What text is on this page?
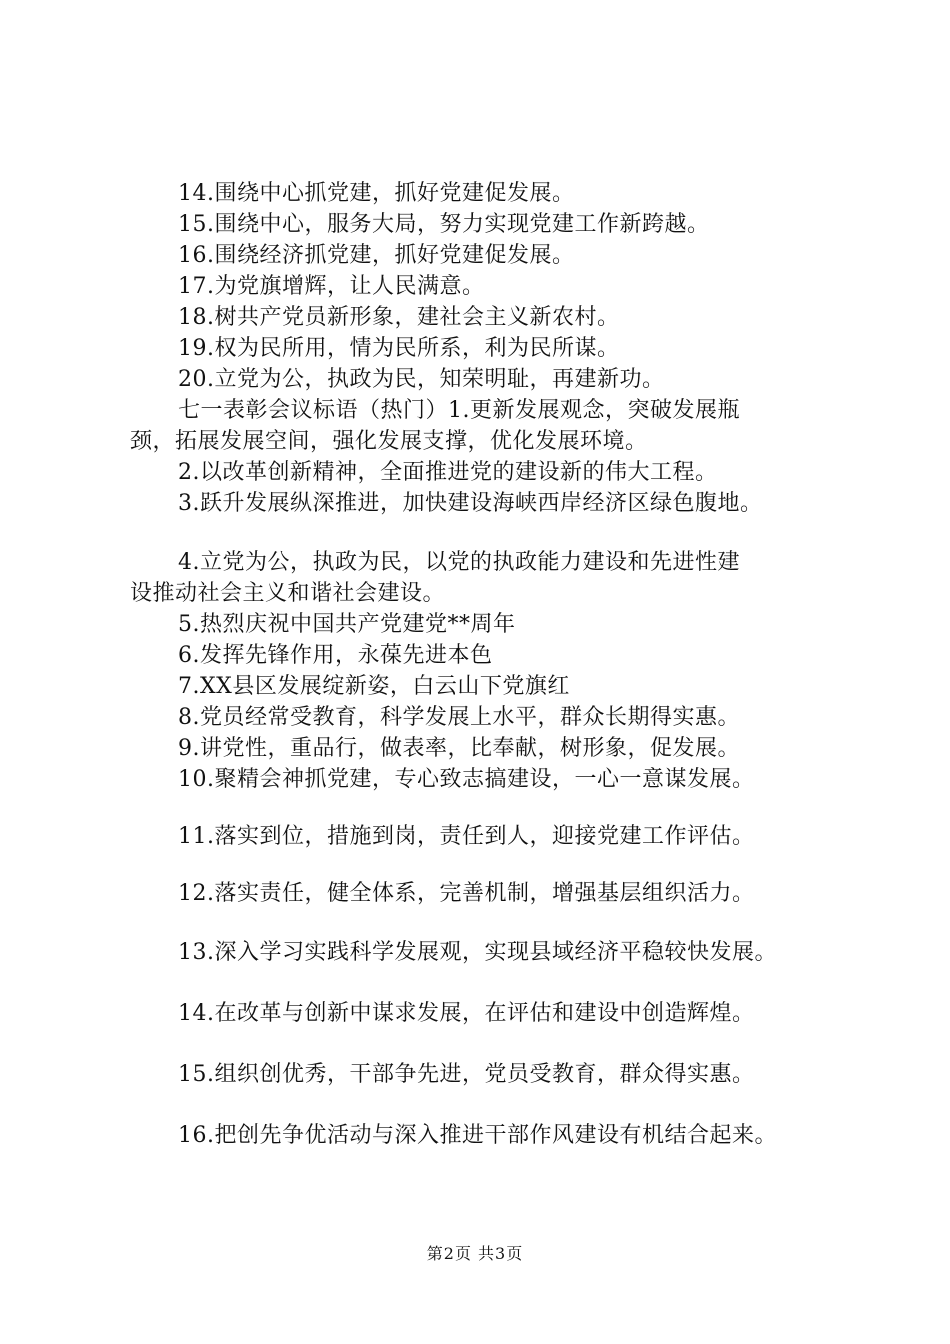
14.围绕中心抓党建，抓好党建促发展。
15.围绕中心，服务大局，努力实现党建工作新跨越。
16.围绕经济抓党建，抓好党建促发展。
17.为党旗增辉，让人民满意。
18.树共产党员新形象，建社会主义新农村。
19.权为民所用，情为民所系，利为民所谋。
20.立党为公，执政为民，知荣明耻，再建新功。
七一表彰会议标语（热门）1.更新发展观念，突破发展瓶
颈，拓展发展空间，强化发展支撑，优化发展环境。
2.以改革创新精神，全面推进党的建设新的伟大工程。
3.跃升发展纵深推进，加快建设海峡西岸经济区绿色腹地。
4.立党为公，执政为民，以党的执政能力建设和先进性建
设推动社会主义和谐社会建设。
5.热烈庆祝中国共产党建党**周年
6.发挥先锋作用，永葆先进本色
7.XX县区发展绽新姿，白云山下党旗红
8.党员经常受教育，科学发展上水平，群众长期得实惠。
9.讲党性，重品行，做表率，比奉献，树形象，促发展。
10.聚精会神抓党建，专心致志搞建设，一心一意谋发展。
11.落实到位，措施到岗，责任到人，迎接党建工作评估。
12.落实责任，健全体系，完善机制，增强基层组织活力。
13.深入学习实践科学发展观，实现县域经济平稳较快发展。
14.在改革与创新中谋求发展，在评估和建设中创造辉煌。
15.组织创优秀，干部争先进，党员受教育，群众得实惠。
16.把创先争优活动与深入推进干部作风建设有机结合起来。
第2页 共3页
